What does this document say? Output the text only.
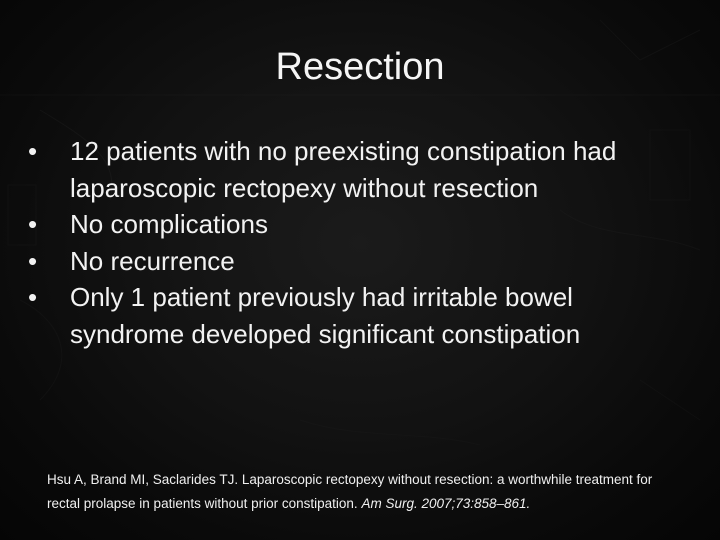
Resection
•	12 patients with no preexisting constipation had laparoscopic rectopexy without resection
•	No complications
•	No recurrence
•	Only 1 patient previously had irritable bowel syndrome developed significant constipation

Hsu A, Brand MI, Saclarides TJ. Laparoscopic rectopexy without resection: a worthwhile treatment for rectal prolapse in patients without prior constipation. Am Surg. 2007;73:858–861.
